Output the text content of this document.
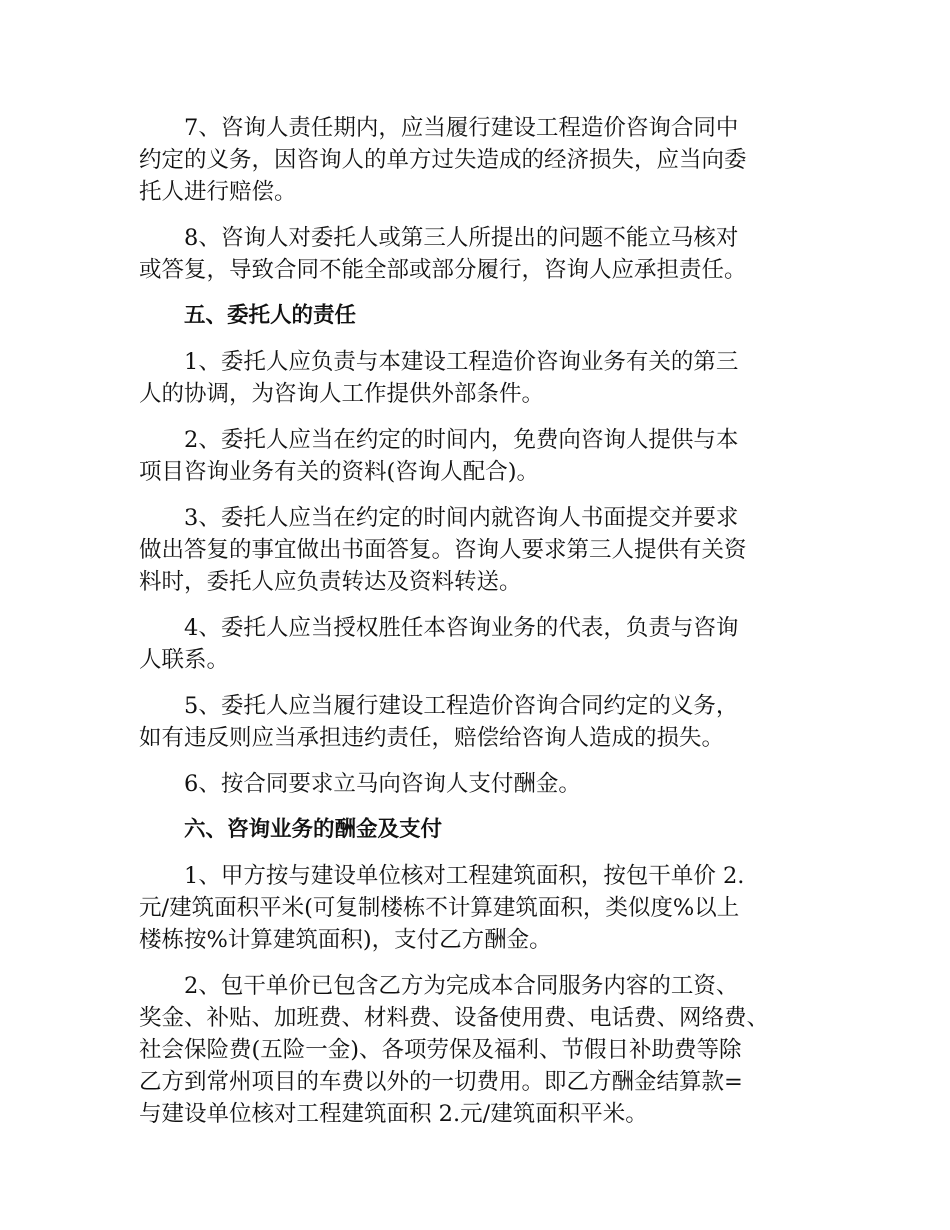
7、咨询人责任期内，应当履行建设工程造价咨询合同中
约定的义务，因咨询人的单方过失造成的经济损失，应当向委
托人进行赔偿。

8、咨询人对委托人或第三人所提出的问题不能立马核对
或答复，导致合同不能全部或部分履行，咨询人应承担责任。

五、委托人的责任

1、委托人应负责与本建设工程造价咨询业务有关的第三
人的协调，为咨询人工作提供外部条件。

2、委托人应当在约定的时间内，免费向咨询人提供与本
项目咨询业务有关的资料(咨询人配合)。

3、委托人应当在约定的时间内就咨询人书面提交并要求
做出答复的事宜做出书面答复。咨询人要求第三人提供有关资
料时，委托人应负责转达及资料转送。

4、委托人应当授权胜任本咨询业务的代表，负责与咨询
人联系。

5、委托人应当履行建设工程造价咨询合同约定的义务，
如有违反则应当承担违约责任，赔偿给咨询人造成的损失。

6、按合同要求立马向咨询人支付酬金。

六、咨询业务的酬金及支付

1、甲方按与建设单位核对工程建筑面积，按包干单价 2.
元/建筑面积平米(可复制楼栋不计算建筑面积，类似度%以上
楼栋按%计算建筑面积)，支付乙方酬金。

2、包干单价已包含乙方为完成本合同服务内容的工资、
奖金、补贴、加班费、材料费、设备使用费、电话费、网络费、
社会保险费(五险一金)、各项劳保及福利、节假日补助费等除
乙方到常州项目的车费以外的一切费用。即乙方酬金结算款=
与建设单位核对工程建筑面积 2.元/建筑面积平米。
